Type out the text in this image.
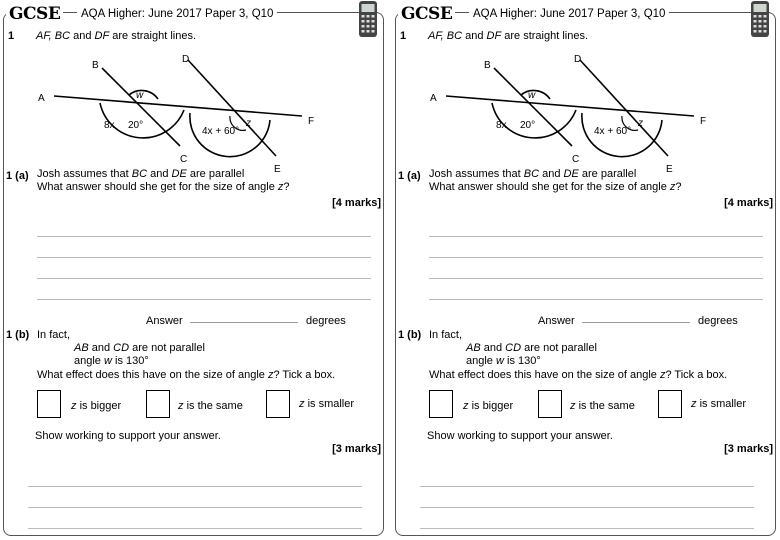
GCSE	AQA Higher: June 2017 Paper 3, Q10
1 AF, BC and DF are straight lines.
A
B
C
D
E
F
w
z
8x 20°
4x + 60°
1 (a) Josh assumes that BC and DE are parallel
What answer should she get for the size of angle z?
[4 marks]
Answer	degrees
1 (b) In fact,
AB and CD are not parallel
angle w is 130°
What effect does this have on the size of angle z? Tick a box.
z is bigger	z is the same	z is smaller
Show working to support your answer.
[3 marks]
GCSE	AQA Higher: June 2017 Paper 3, Q10
1 AF, BC and DF are straight lines.
A
B
C
D
E
F
w
z
8x 20°
4x + 60°
1 (a) Josh assumes that BC and DE are parallel
What answer should she get for the size of angle z?
[4 marks]
Answer	degrees
1 (b) In fact,
AB and CD are not parallel
angle w is 130°
What effect does this have on the size of angle z? Tick a box.
z is bigger	z is the same	z is smaller
Show working to support your answer.
[3 marks]
